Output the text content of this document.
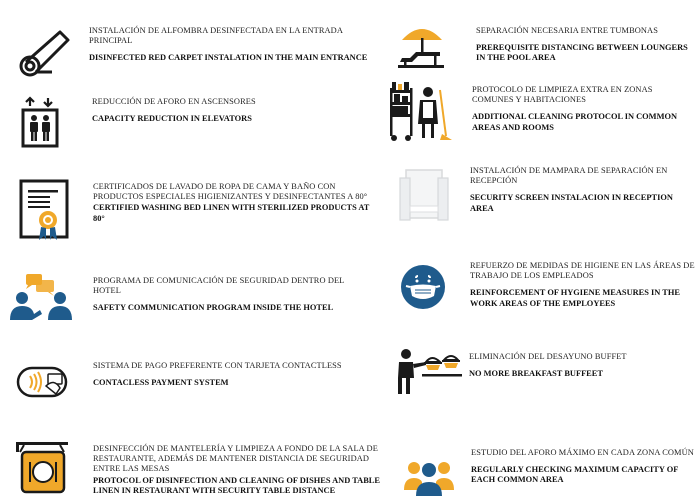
INSTALACIÓN DE ALFOMBRA DESINFECTADA EN LA ENTRADA PRINCIPAL
DISINFECTED RED CARPET INSTALATION IN THE MAIN ENTRANCE
SEPARACIÓN NECESARIA ENTRE TUMBONAS
PREREQUISITE DISTANCING BETWEEN LOUNGERS IN THE POOL AREA
REDUCCIÓN DE AFORO EN ASCENSORES
CAPACITY REDUCTION IN ELEVATORS
PROTOCOLO DE LIMPIEZA EXTRA EN ZONAS COMUNES Y HABITACIONES
ADDITIONAL CLEANING PROTOCOL IN COMMON AREAS AND ROOMS
CERTIFICADOS DE LAVADO DE ROPA DE CAMA Y BAÑO CON PRODUCTOS ESPECIALES HIGIENIZANTES Y DESINFECTANTES A 80°
CERTIFIED WASHING BED LINEN WITH STERILIZED PRODUCTS AT 80°
INSTALACIÓN DE MAMPARA DE SEPARACIÓN EN RECEPCIÓN
SECURITY SCREEN INSTALACION IN RECEPTION AREA
PROGRAMA DE COMUNICACIÓN DE SEGURIDAD DENTRO DEL HOTEL
SAFETY COMMUNICATION PROGRAM INSIDE THE HOTEL
REFUERZO DE MEDIDAS DE HIGIENE EN LAS ÁREAS DE TRABAJO DE LOS EMPLEADOS
REINFORCEMENT OF HYGIENE MEASURES IN THE WORK AREAS OF THE EMPLOYEES
SISTEMA DE PAGO PREFERENTE CON TARJETA CONTACTLESS
CONTACLESS PAYMENT SYSTEM
ELIMINACIÓN DEL DESAYUNO BUFFET
NO MORE BREAKFAST BUFFEET
DESINFECCIÓN DE MANTELERÍA Y LIMPIEZA A FONDO DE LA SALA DE RESTAURANTE, ADEMÁS DE MANTENER DISTANCIA DE SEGURIDAD ENTRE LAS MESAS
PROTOCOL OF DISINFECTION AND CLEANING OF DISHES AND TABLE LINEN IN RESTAURANT WITH SECURITY TABLE DISTANCE
ESTUDIO DEL AFORO MÁXIMO EN CADA ZONA COMÚN
REGULARLY CHECKING MAXIMUM CAPACITY OF EACH COMMON AREA
